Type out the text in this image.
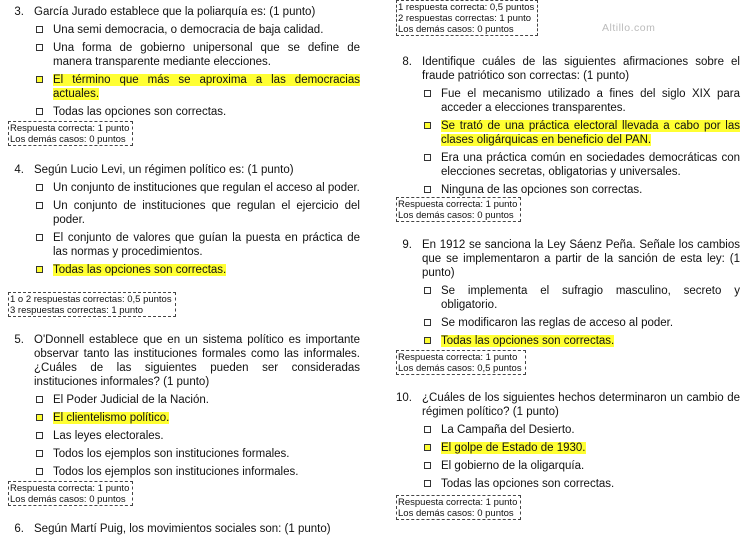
Altillo.com
3. García Jurado establece que la poliarquía es: (1 punto)
Una semi democracia, o democracia de baja calidad.
Una forma de gobierno unipersonal que se define de manera transparente mediante elecciones.
El término que más se aproxima a las democracias actuales.
Todas las opciones son correctas.
Respuesta correcta: 1 punto
Los demás casos: 0 puntos
4. Según Lucio Levi, un régimen político es: (1 punto)
Un conjunto de instituciones que regulan el acceso al poder.
Un conjunto de instituciones que regulan el ejercicio del poder.
El conjunto de valores que guían la puesta en práctica de las normas y procedimientos.
Todas las opciones son correctas.
1 o 2 respuestas correctas: 0,5 puntos
3 respuestas correctas: 1 punto
5. O'Donnell establece que en un sistema político es importante observar tanto las instituciones formales como las informales. ¿Cuáles de las siguientes pueden ser consideradas instituciones informales? (1 punto)
El Poder Judicial de la Nación.
El clientelismo político.
Las leyes electorales.
Todos los ejemplos son instituciones formales.
Todos los ejemplos son instituciones informales.
Respuesta correcta: 1 punto
Los demás casos: 0 puntos
6. Según Martí Puig, los movimientos sociales son: (1 punto)
1 respuesta correcta: 0,5 puntos
2 respuestas correctas: 1 punto
Los demás casos: 0 puntos
8. Identifique cuáles de las siguientes afirmaciones sobre el fraude patriótico son correctas: (1 punto)
Fue el mecanismo utilizado a fines del siglo XIX para acceder a elecciones transparentes.
Se trató de una práctica electoral llevada a cabo por las clases oligárquicas en beneficio del PAN.
Era una práctica común en sociedades democráticas con elecciones secretas, obligatorias y universales.
Ninguna de las opciones son correctas.
Respuesta correcta: 1 punto
Los demás casos: 0 puntos
9. En 1912 se sanciona la Ley Sáenz Peña. Señale los cambios que se implementaron a partir de la sanción de esta ley: (1 punto)
Se implementa el sufragio masculino, secreto y obligatorio.
Se modificaron las reglas de acceso al poder.
Todas las opciones son correctas.
Respuesta correcta: 1 punto
Los demás casos: 0,5 puntos
10. ¿Cuáles de los siguientes hechos determinaron un cambio de régimen político? (1 punto)
La Campaña del Desierto.
El golpe de Estado de 1930.
El gobierno de la oligarquía.
Todas las opciones son correctas.
Respuesta correcta: 1 punto
Los demás casos: 0 puntos
